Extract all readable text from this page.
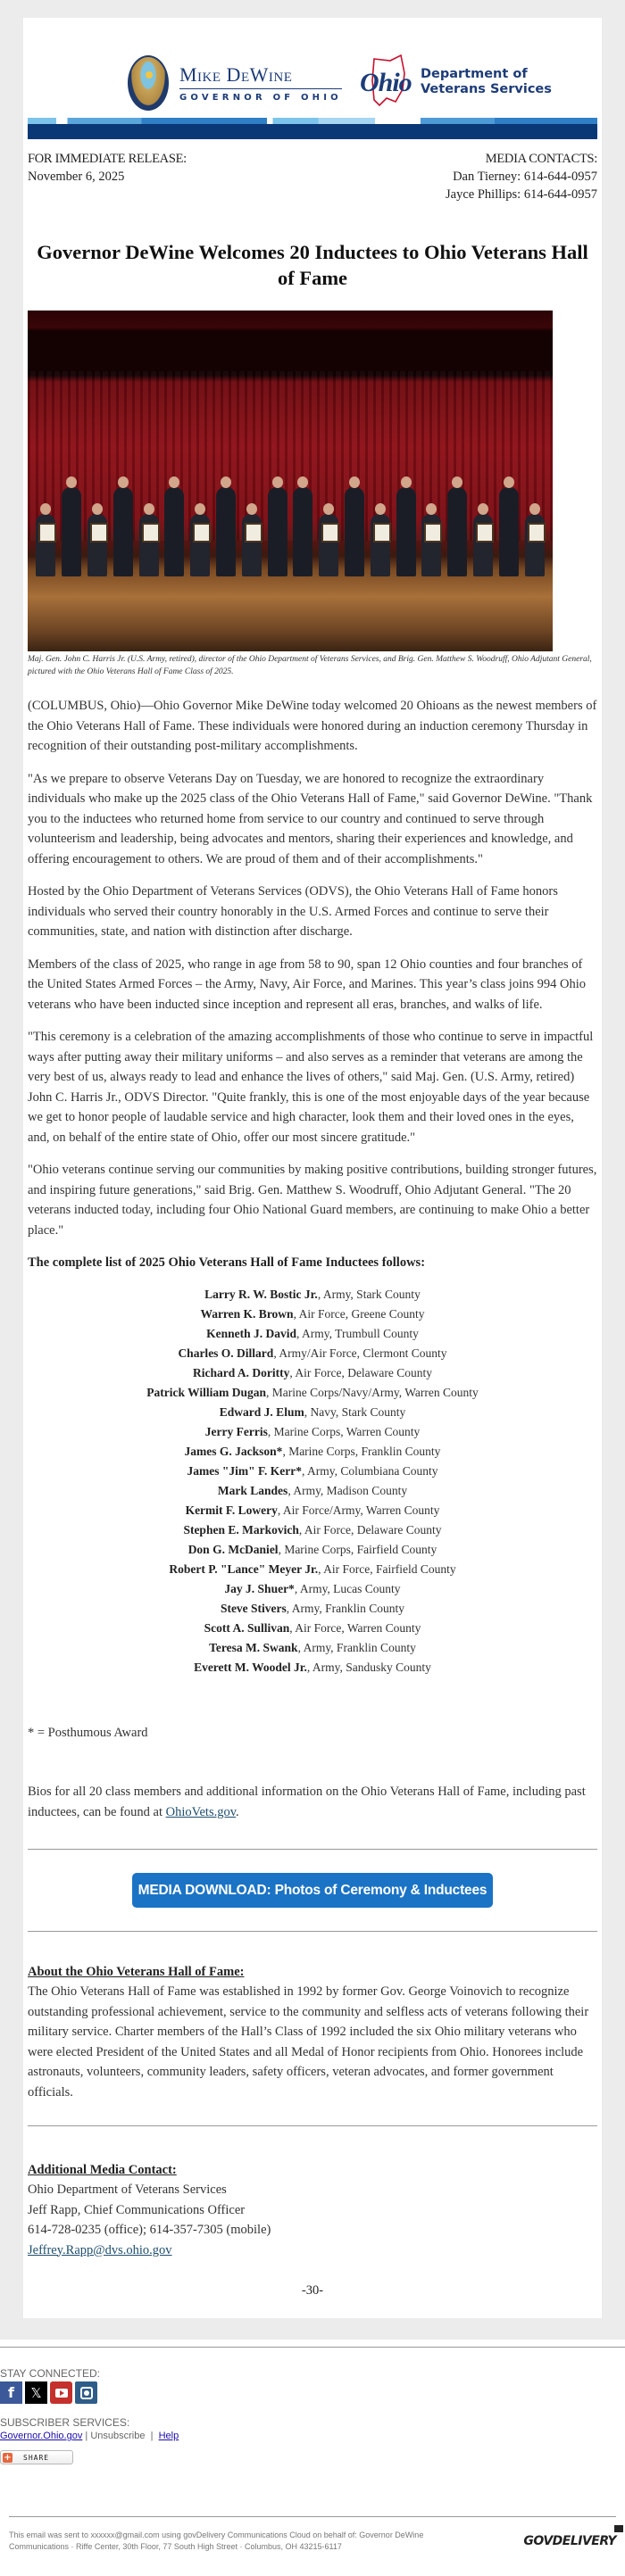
Mike DeWine
GOVERNOR OF OHIO
Ohio Department of
Veterans Services
FOR IMMEDIATE RELEASE:
November 6, 2025
MEDIA CONTACTS:
Dan Tierney: 614-644-0957
Jayce Phillips: 614-644-0957
Governor DeWine Welcomes 20 Inductees to Ohio Veterans Hall of Fame
Maj. Gen. John C. Harris Jr. (U.S. Army, retired), director of the Ohio Department of Veterans Services, and Brig. Gen. Matthew S. Woodruff, Ohio Adjutant General, pictured with the Ohio Veterans Hall of Fame Class of 2025.

(COLUMBUS, Ohio)—Ohio Governor Mike DeWine today welcomed 20 Ohioans as the newest members of the Ohio Veterans Hall of Fame. These individuals were honored during an induction ceremony Thursday in recognition of their outstanding post-military accomplishments.

"As we prepare to observe Veterans Day on Tuesday, we are honored to recognize the extraordinary individuals who make up the 2025 class of the Ohio Veterans Hall of Fame," said Governor DeWine. "Thank you to the inductees who returned home from service to our country and continued to serve through volunteerism and leadership, being advocates and mentors, sharing their experiences and knowledge, and offering encouragement to others. We are proud of them and of their accomplishments."

Hosted by the Ohio Department of Veterans Services (ODVS), the Ohio Veterans Hall of Fame honors individuals who served their country honorably in the U.S. Armed Forces and continue to serve their communities, state, and nation with distinction after discharge.

Members of the class of 2025, who range in age from 58 to 90, span 12 Ohio counties and four branches of the United States Armed Forces – the Army, Navy, Air Force, and Marines. This year’s class joins 994 Ohio veterans who have been inducted since inception and represent all eras, branches, and walks of life.

"This ceremony is a celebration of the amazing accomplishments of those who continue to serve in impactful ways after putting away their military uniforms – and also serves as a reminder that veterans are among the very best of us, always ready to lead and enhance the lives of others," said Maj. Gen. (U.S. Army, retired) John C. Harris Jr., ODVS Director. "Quite frankly, this is one of the most enjoyable days of the year because we get to honor people of laudable service and high character, look them and their loved ones in the eyes, and, on behalf of the entire state of Ohio, offer our most sincere gratitude."

"Ohio veterans continue serving our communities by making positive contributions, building stronger futures, and inspiring future generations," said Brig. Gen. Matthew S. Woodruff, Ohio Adjutant General. "The 20 veterans inducted today, including four Ohio National Guard members, are continuing to make Ohio a better place."

The complete list of 2025 Ohio Veterans Hall of Fame Inductees follows:

Larry R. W. Bostic Jr., Army, Stark County
Warren K. Brown, Air Force, Greene County
Kenneth J. David, Army, Trumbull County
Charles O. Dillard, Army/Air Force, Clermont County
Richard A. Doritty, Air Force, Delaware County
Patrick William Dugan, Marine Corps/Navy/Army, Warren County
Edward J. Elum, Navy, Stark County
Jerry Ferris, Marine Corps, Warren County
James G. Jackson*, Marine Corps, Franklin County
James "Jim" F. Kerr*, Army, Columbiana County
Mark Landes, Army, Madison County
Kermit F. Lowery, Air Force/Army, Warren County
Stephen E. Markovich, Air Force, Delaware County
Don G. McDaniel, Marine Corps, Fairfield County
Robert P. "Lance" Meyer Jr., Air Force, Fairfield County
Jay J. Shuer*, Army, Lucas County
Steve Stivers, Army, Franklin County
Scott A. Sullivan, Air Force, Warren County
Teresa M. Swank, Army, Franklin County
Everett M. Woodel Jr., Army, Sandusky County
* = Posthumous Award

Bios for all 20 class members and additional information on the Ohio Veterans Hall of Fame, including past inductees, can be found at OhioVets.gov.

MEDIA DOWNLOAD: Photos of Ceremony & Inductees
About the Ohio Veterans Hall of Fame:
The Ohio Veterans Hall of Fame was established in 1992 by former Gov. George Voinovich to recognize outstanding professional achievement, service to the community and selfless acts of veterans following their military service. Charter members of the Hall’s Class of 1992 included the six Ohio military veterans who were elected President of the United States and all Medal of Honor recipients from Ohio. Honorees include astronauts, volunteers, community leaders, safety officers, veteran advocates, and former government officials.
Additional Media Contact:
Ohio Department of Veterans Services
Jeff Rapp, Chief Communications Officer
614-728-0235 (office); 614-357-7305 (mobile)
Jeffrey.Rapp@dvs.ohio.gov
-30-
STAY CONNECTED:
f	𝕏
SUBSCRIBER SERVICES:
Governor.Ohio.gov | Unsubscribe  |  Help
+ SHARE
This email was sent to xxxxxx@gmail.com using govDelivery Communications Cloud on behalf of: Governor DeWine Communications · Riffe Center, 30th Floor, 77 South High Street · Columbus, OH 43215-6117	GOVDELIVERY
